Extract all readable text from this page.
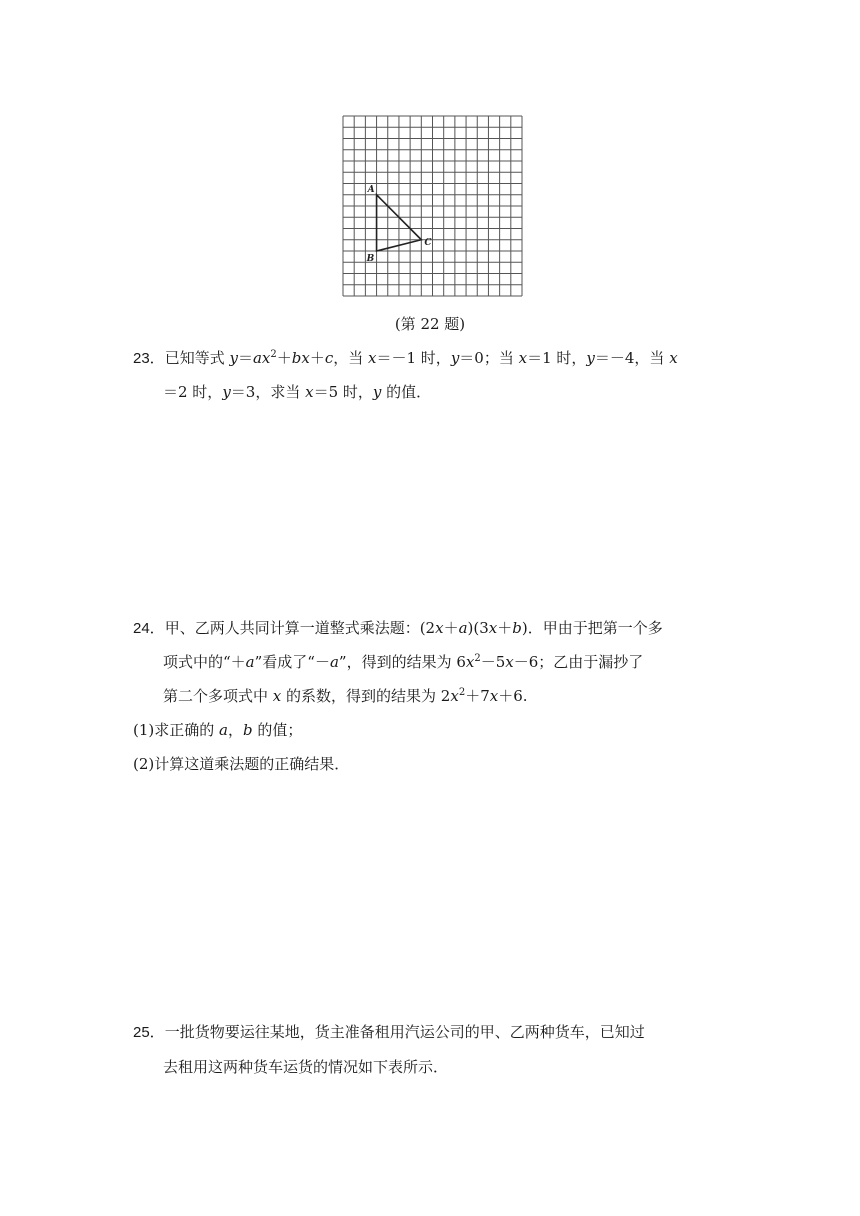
A
B
C
(第 22 题)
23．已知等式 $y=ax^2+bx+c$，当 x＝－1 时，y＝0；当 x＝1 时，y＝－4，当 x
＝2 时，y＝3，求当 x＝5 时，y 的值．
24．甲、乙两人共同计算一道整式乘法题：(2x＋a)(3x＋b)．甲由于把第一个多
项式中的“＋a”看成了“－a”，得到的结果为 $6x^2-5x-6$；乙由于漏抄了
第二个多项式中 x 的系数，得到的结果为 $2x^2+7x+6$.
(1)求正确的 a，b 的值；
(2)计算这道乘法题的正确结果．
25．一批货物要运往某地，货主准备租用汽运公司的甲、乙两种货车，已知过
去租用这两种货车运货的情况如下表所示．
